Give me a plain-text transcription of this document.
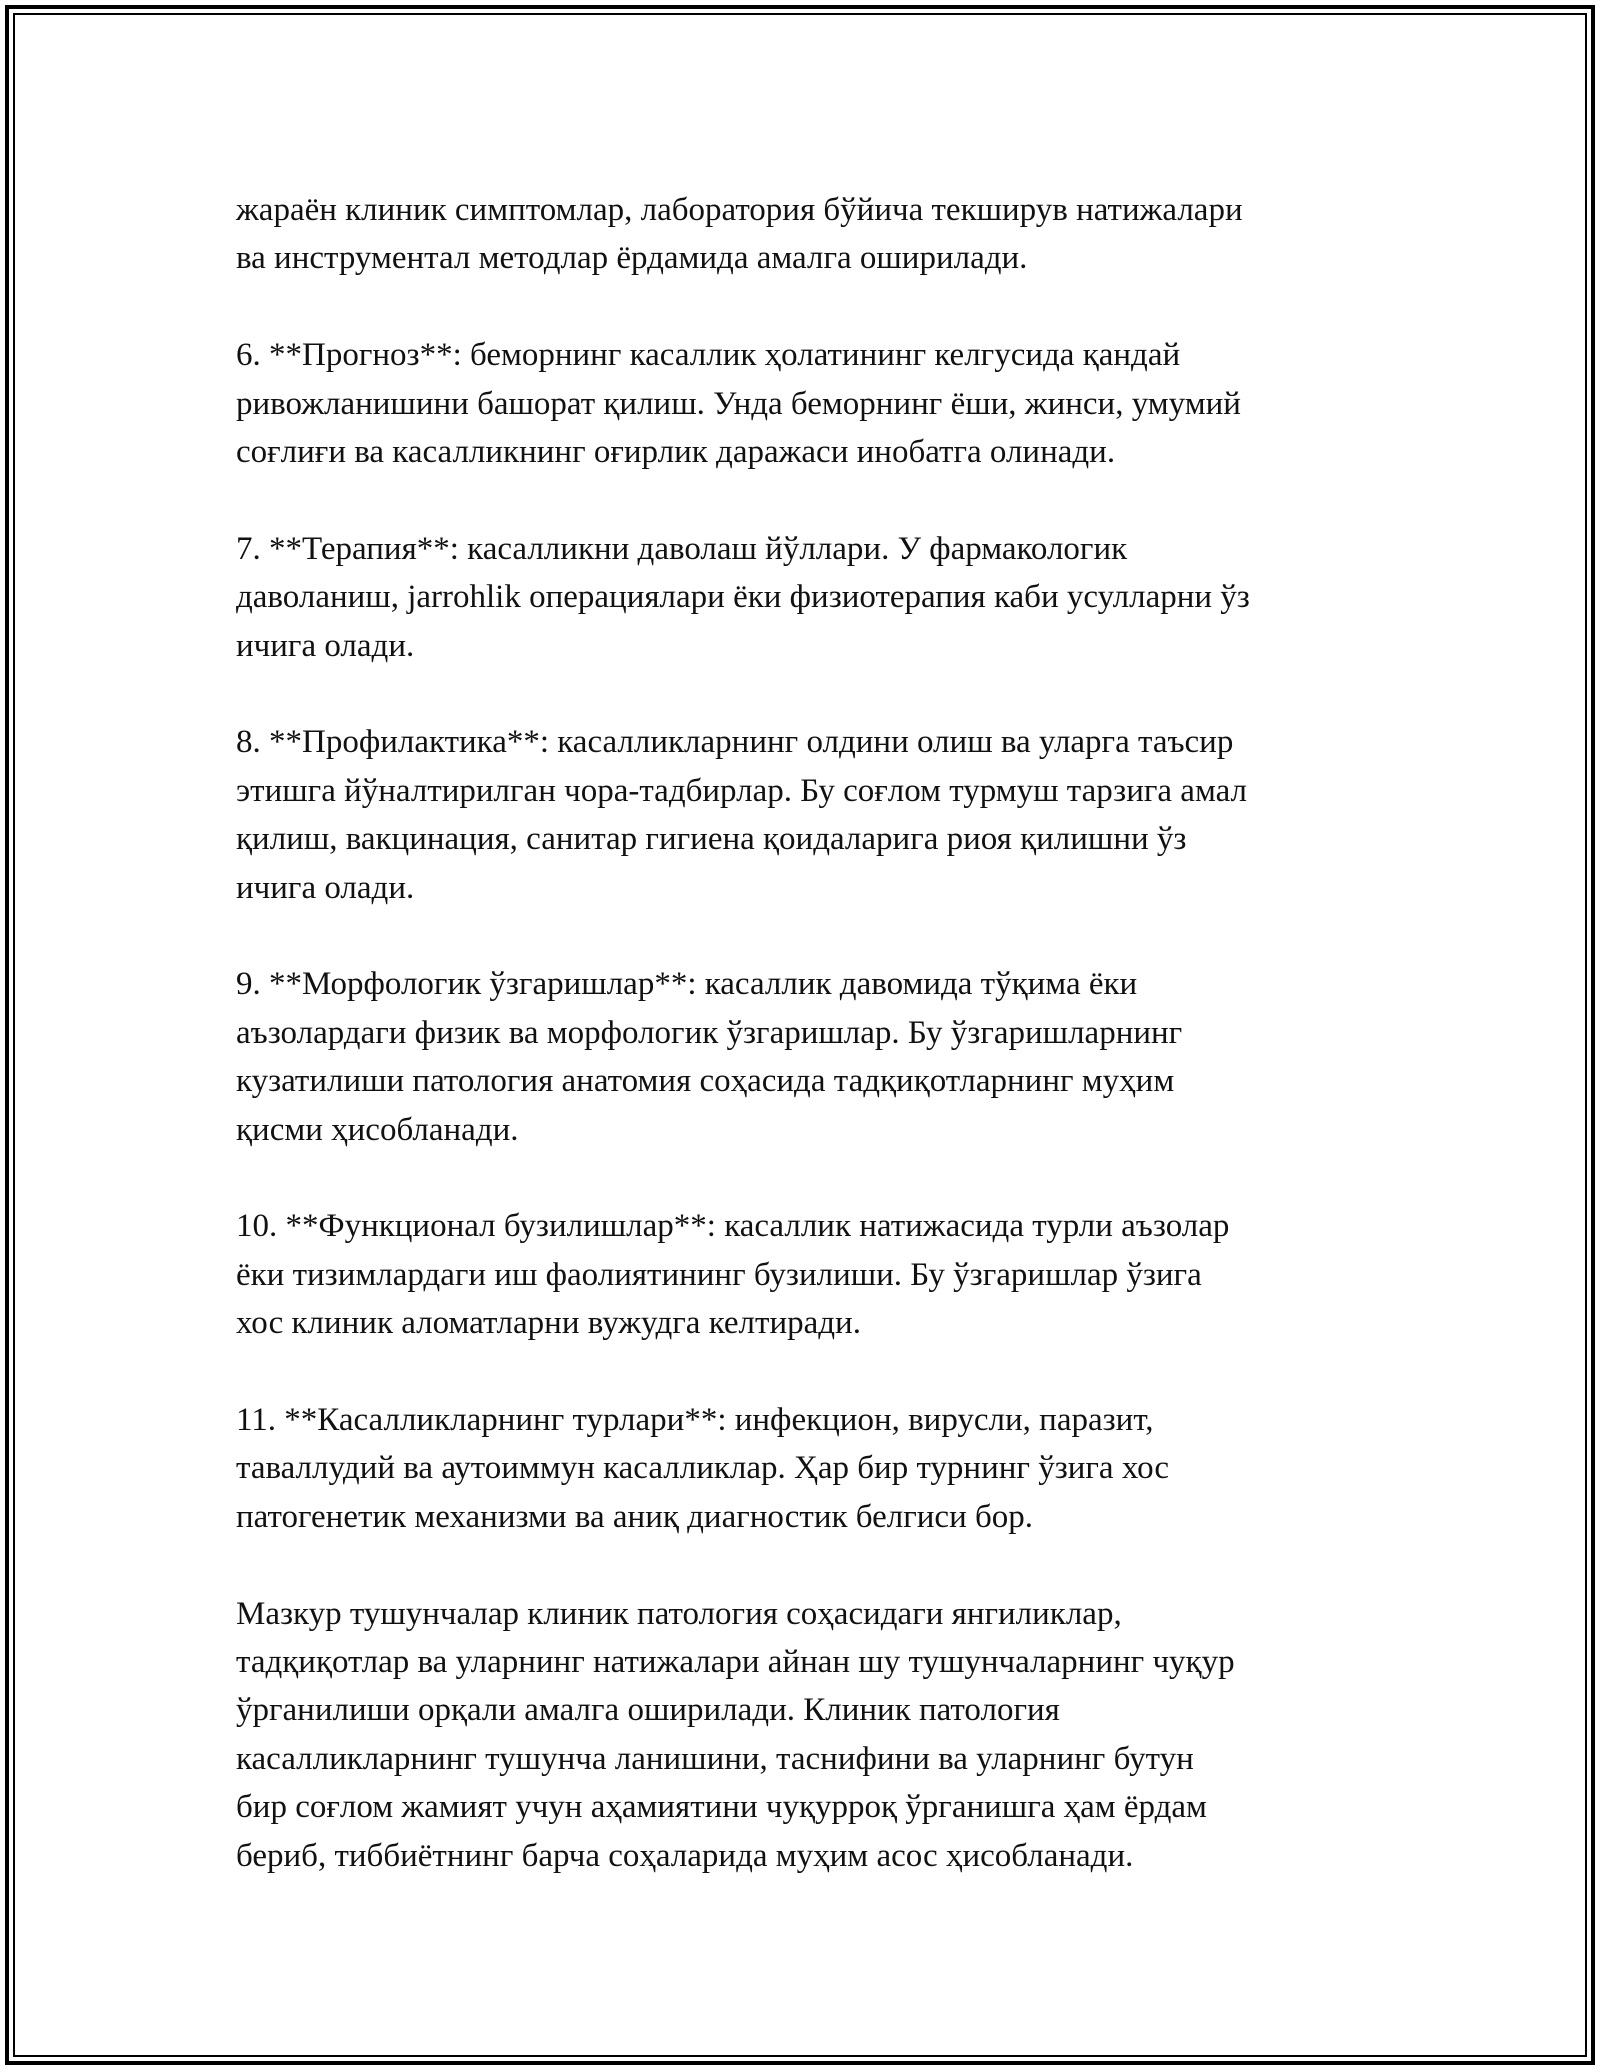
жараён клиник симптомлар, лаборатория бўйича текширув натижалари
ва инструментал методлар ёрдамида амалга оширилади.

6. **Прогноз**: беморнинг касаллик ҳолатининг келгусида қандай
ривожланишини башорат қилиш. Унда беморнинг ёши, жинси, умумий
соғлиғи ва касалликнинг оғирлик даражаси инобатга олинади.

7. **Терапия**: касалликни даволаш йўллари. У фармакологик
даволаниш, jarrohlik операциялари ёки физиотерапия каби усулларни ўз
ичига олади.

8. **Профилактика**: касалликларнинг олдини олиш ва уларга таъсир
этишга йўналтирилган чора-тадбирлар. Бу соғлом турмуш тарзига амал
қилиш, вакцинация, санитар гигиена қоидаларига риоя қилишни ўз
ичига олади.

9. **Морфологик ўзгаришлар**: касаллик давомида тўқима ёки
аъзолардаги физик ва морфологик ўзгаришлар. Бу ўзгаришларнинг
кузатилиши патология анатомия соҳасида тадқиқотларнинг муҳим
қисми ҳисобланади.

10. **Функционал бузилишлар**: касаллик натижасида турли аъзолар
ёки тизимлардаги иш фаолиятининг бузилиши. Бу ўзгаришлар ўзига
хос клиник аломатларни вужудга келтиради.

11. **Касалликларнинг турлари**: инфекцион, вирусли, паразит,
таваллудий ва аутоиммун касалликлар. Ҳар бир турнинг ўзига хос
патогенетик механизми ва аниқ диагностик белгиси бор.

Мазкур тушунчалар клиник патология соҳасидаги янгиликлар,
тадқиқотлар ва уларнинг натижалари айнан шу тушунчаларнинг чуқур
ўрганилиши орқали амалга оширилади. Клиник патология
касалликларнинг тушунча ланишини, таснифини ва уларнинг бутун
бир соғлом жамият учун аҳамиятини чуқурроқ ўрганишга ҳам ёрдам
бериб, тиббиётнинг барча соҳаларида муҳим асос ҳисобланади.
